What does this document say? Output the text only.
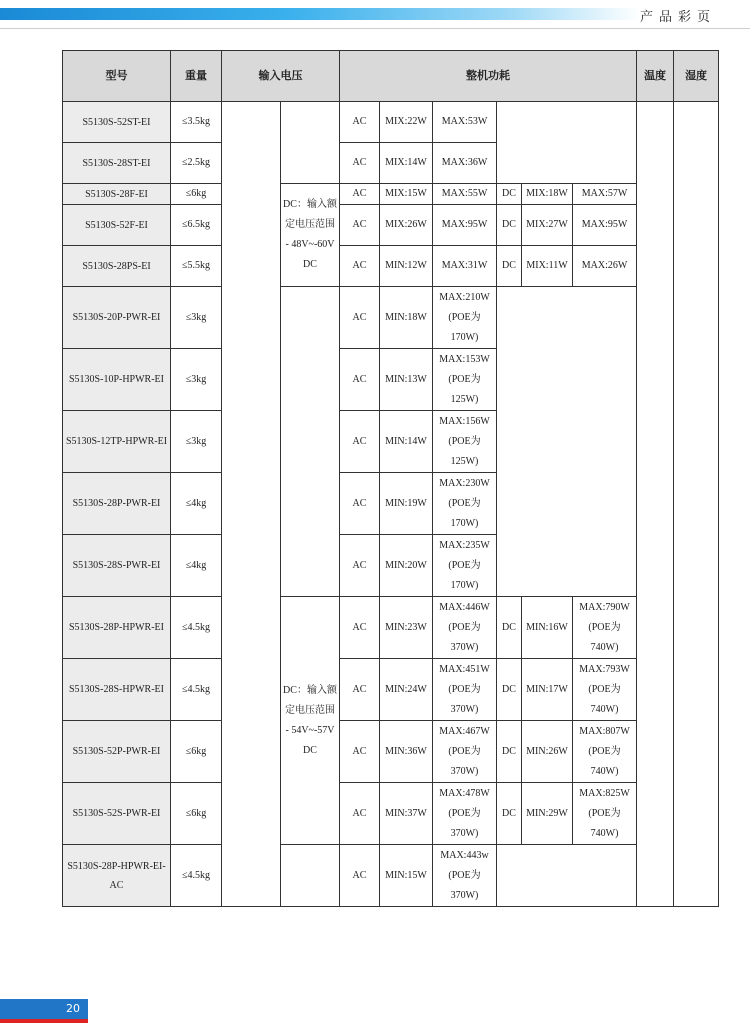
产品彩页
型号	重量	输入电压		整机功耗						温度	湿度
S5130S-52ST-EI	≤3.5kg			AC	MIX:22W	MAX:53W					
S5130S-28ST-EI	≤2.5kg			AC	MIX:14W	MAX:36W					
S5130S-28F-EI	≤6kg		DC：输入额定电压范围 - 48V~-60V DC	AC	MIX:15W	MAX:55W	DC	MIX:18W	MAX:57W		
S5130S-52F-EI	≤6.5kg			AC	MIX:26W	MAX:95W	DC	MIX:27W	MAX:95W		
S5130S-28PS-EI	≤5.5kg			AC	MIN:12W	MAX:31W	DC	MIX:11W	MAX:26W		
S5130S-20P-PWR-EI	≤3kg			AC	MIN:18W	MAX:210W (POE为170W)					
S5130S-10P-HPWR-EI	≤3kg			AC	MIN:13W	MAX:153W (POE为125W)					
S5130S-12TP-HPWR-EI	≤3kg			AC	MIN:14W	MAX:156W (POE为125W)					
S5130S-28P-PWR-EI	≤4kg			AC	MIN:19W	MAX:230W (POE为170W)					
S5130S-28S-PWR-EI	≤4kg			AC	MIN:20W	MAX:235W (POE为170W)					
S5130S-28P-HPWR-EI	≤4.5kg		DC：输入额定电压范围 - 54V~-57V DC	AC	MIN:23W	MAX:446W (POE为370W)	DC	MIN:16W	MAX:790W (POE为740W)		
S5130S-28S-HPWR-EI	≤4.5kg			AC	MIN:24W	MAX:451W (POE为370W)	DC	MIN:17W	MAX:793W (POE为740W)		
S5130S-52P-PWR-EI	≤6kg			AC	MIN:36W	MAX:467W (POE为370W)	DC	MIN:26W	MAX:807W (POE为740W)		
S5130S-52S-PWR-EI	≤6kg			AC	MIN:37W	MAX:478W (POE为370W)	DC	MIN:29W	MAX:825W (POE为740W)		
S5130S-28P-HPWR-EI-AC	≤4.5kg			AC	MIN:15W	MAX:443w (POE为370W)					
20
